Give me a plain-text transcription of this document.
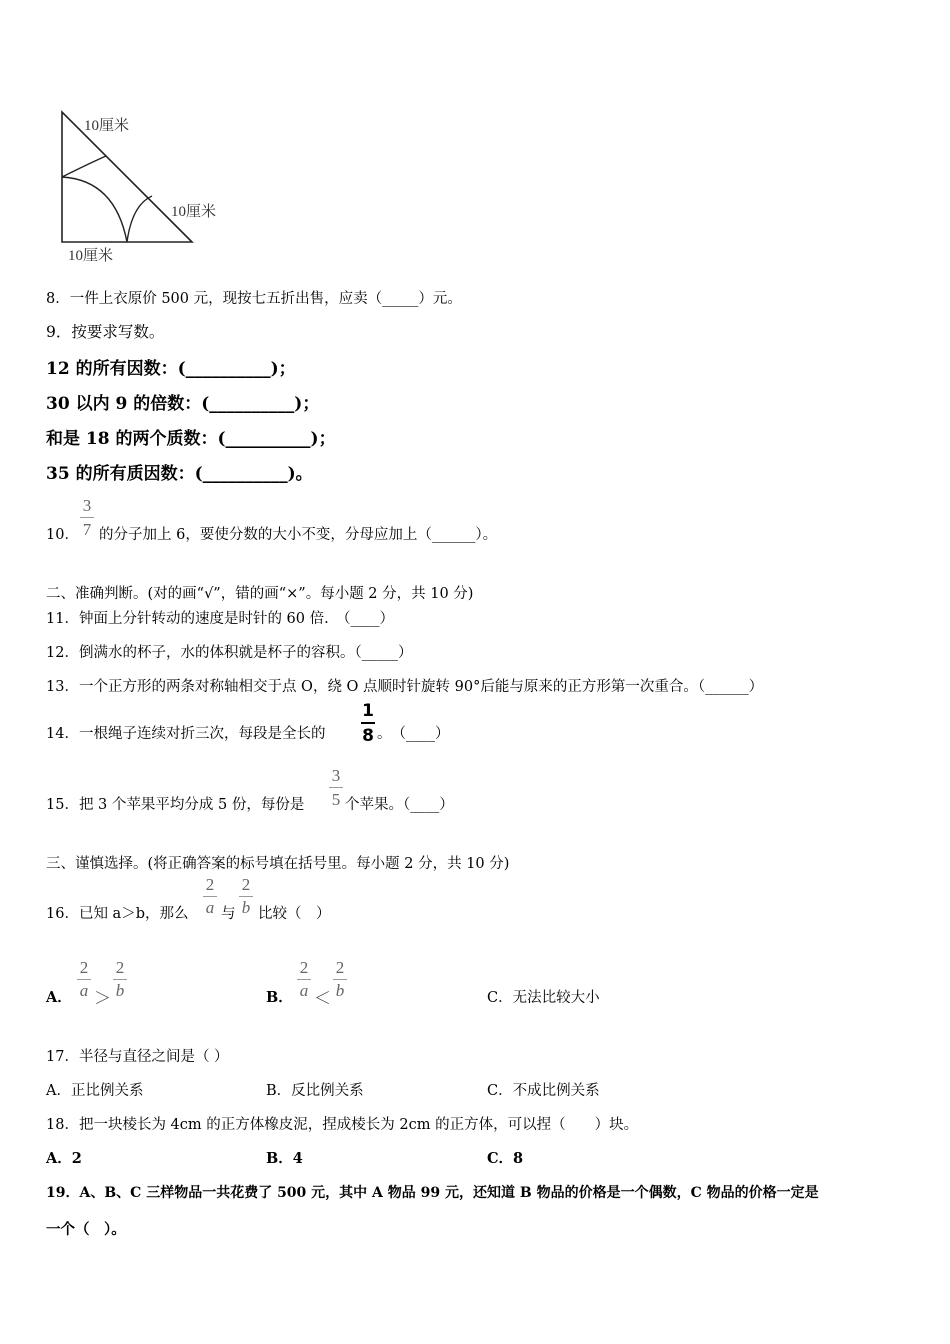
10厘米
10厘米
10厘米
8．一件上衣原价 500 元，现按七五折出售，应卖（_____）元。
9．按要求写数。
12 的所有因数：(__________)；
30 以内 9 的倍数：(__________)；
和是 18 的两个质数：(__________)；
35 的所有质因数：(__________)。
10．
3
7 的分子加上 6，要使分数的大小不变，分母应加上（______）。
二、准确判断。(对的画“√”，错的画“×”。每小题 2 分，共 10 分)
11．钟面上分针转动的速度是时针的 60 倍.　（____）
12．倒满水的杯子，水的体积就是杯子的容积。（_____）
13．一个正方形的两条对称轴相交于点 O，绕 O 点顺时针旋转 90°后能与原来的正方形第一次重合。（______）
14．一根绳子连续对折三次，每段是全长的
1
8 。　（____）
15．把 3 个苹果平均分成 5 份，每份是
3
5 个苹果。（____）
三、谨慎选择。(将正确答案的标号填在括号里。每小题 2 分，共 10 分)
16．已知 a＞b，那么
2
a 与
2
b 比较（　）
A．
2
a ＞
2
b	B．
2
a ＜
2
b	C．无法比较大小
17．半径与直径之间是（ ）
A．正比例关系	B．反比例关系	C．不成比例关系
18．把一块棱长为 4cm 的正方体橡皮泥，捏成棱长为 2cm 的正方体，可以捏（　　）块。
A．2	B．4	C．8
19．A、B、C 三样物品一共花费了 500 元，其中 A 物品 99 元，还知道 B 物品的价格是一个偶数，C 物品的价格一定是
一个（　）。
